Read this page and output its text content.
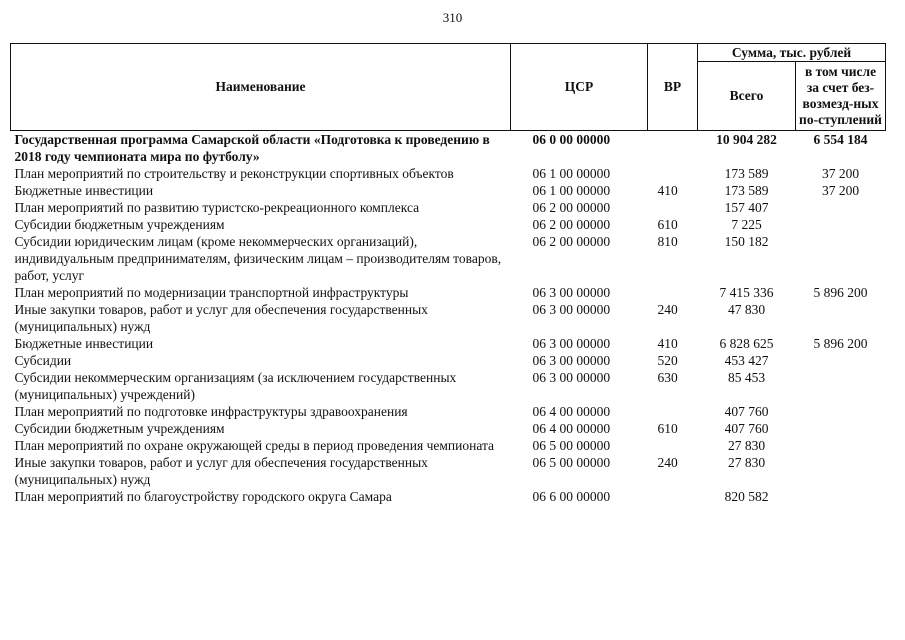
310
Наименование	ЦСР	ВР	Сумма, тыс. рублей	
			Всего	в том числе за счет без-возмезд-ных по-ступлений
Государственная программа Самарской области «Подготовка к проведению в 2018 году чемпионата мира по футболу»	06 0 00 00000		10 904 282	6 554 184
План мероприятий по строительству и реконструкции спортивных объектов	06 1 00 00000		173 589	37 200
Бюджетные инвестиции	06 1 00 00000	410	173 589	37 200
План мероприятий по развитию туристско-рекреационного комплекса	06 2 00 00000		157 407	
Субсидии бюджетным учреждениям	06 2 00 00000	610	7 225	
Субсидии юридическим лицам (кроме некоммерческих организаций), индивидуальным предпринимателям, физическим лицам – производителям товаров, работ, услуг	06 2 00 00000	810	150 182	
План мероприятий по модернизации транспортной инфраструктуры	06 3 00 00000		7 415 336	5 896 200
Иные закупки товаров, работ и услуг для обеспечения государственных (муниципальных) нужд	06 3 00 00000	240	47 830	
Бюджетные инвестиции	06 3 00 00000	410	6 828 625	5 896 200
Субсидии	06 3 00 00000	520	453 427	
Субсидии некоммерческим организациям (за исключением государственных (муниципальных) учреждений)	06 3 00 00000	630	85 453	
План мероприятий по подготовке инфраструктуры здравоохранения	06 4 00 00000		407 760	
Субсидии бюджетным учреждениям	06 4 00 00000	610	407 760	
План мероприятий по охране окружающей среды в период проведения чемпионата	06 5 00 00000		27 830	
Иные закупки товаров, работ и услуг для обеспечения государственных (муниципальных) нужд	06 5 00 00000	240	27 830	
План мероприятий по благоустройству городского округа Самара	06 6 00 00000		820 582	
